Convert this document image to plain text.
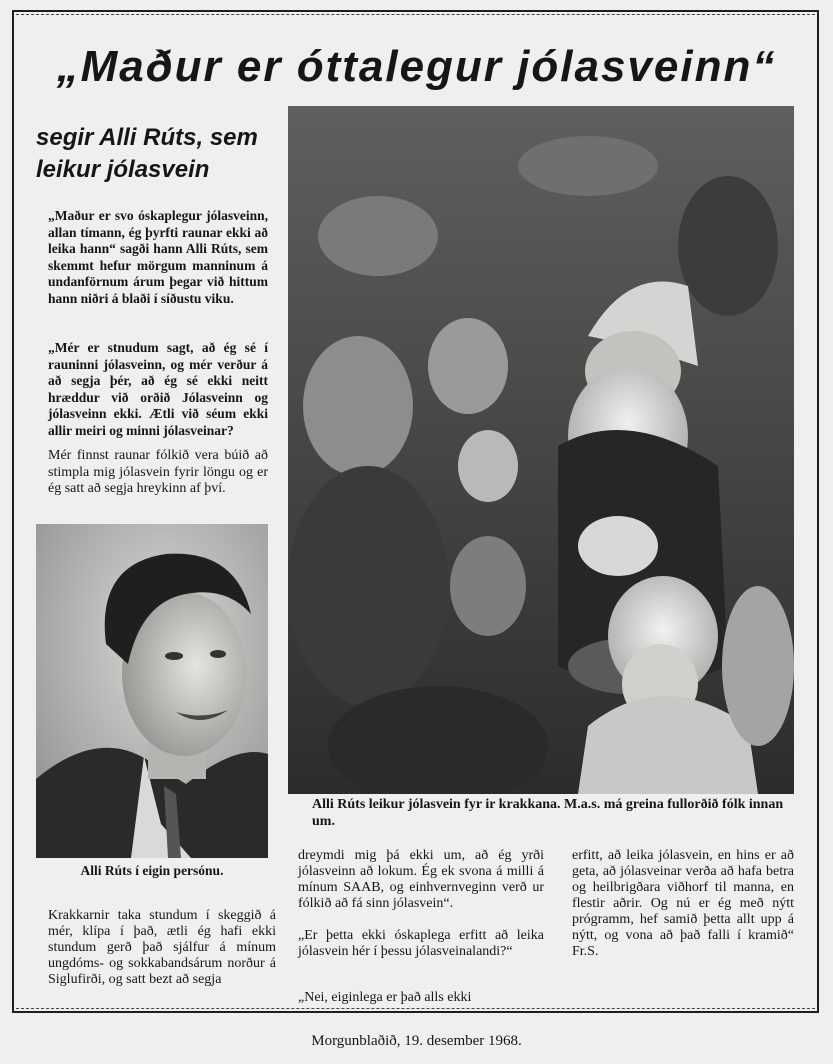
„Maður er óttalegur jólasveinn“
segir Alli Rúts, sem leikur jólasvein

„Maður er svo óskaplegur jólasveinn, allan tímann, ég þyrfti raunar ekki að leika hann“ sagði hann Alli Rúts, sem skemmt hefur mörgum manninum á undanförnum árum þegar við hittum hann niðri á blaði í síðustu viku.

„Mér er stnudum sagt, að ég sé í rauninni jólasveinn, og mér verður á að segja þér, að ég sé ekki neitt hræddur við orðið Jólasveinn og jólasveinn ekki. Ætli við séum ekki allir meiri og minni jólasveinar?

Mér finnst raunar fólkið vera búið að stimpla mig jólasvein fyrir löngu og er ég satt að segja hreykinn af því.

Alli Rúts í eigin persónu.

Krakkarnir taka stundum í skeggið á mér, klípa í það, ætli ég hafi ekki stundum gerð það sjálfur á mínum ungdóms- og sokkabandsárum norður á Siglufirði, og satt bezt að segja

Alli Rúts leikur jólasvein fyr ir krakkana. M.a.s. má greina fullorðið fólk innan um.

dreymdi mig þá ekki um, að ég yrði jólasveinn að lokum. Ég ek svona á milli á mínum SAAB, og einhvernveginn verð ur fólkið að fá sinn jólasvein“.

„Er þetta ekki óskaplega erfitt að leika jólasvein hér í þessu jólasveinalandi?“

„Nei, eiginlega er það alls ekki

erfitt, að leika jólasvein, en hins er að geta, að jólasveinar verða að hafa betra og heilbrigðara viðhorf til manna, en flestir aðrir. Og nú er ég með nýtt prógramm, hef samið þetta allt upp á nýtt, og vona að það falli í kramið“ Fr.S.

Morgunblaðið, 19. desember 1968.
